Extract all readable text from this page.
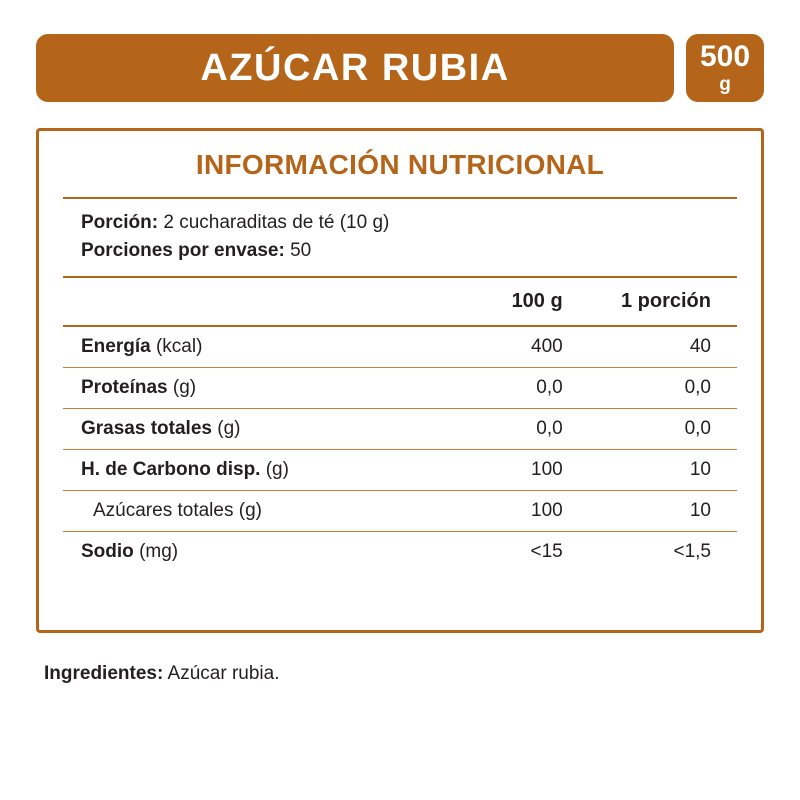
AZÚCAR RUBIA	500
g
INFORMACIÓN NUTRICIONAL
Porción: 2 cucharaditas de té (10 g)
Porciones por envase: 50
	100 g	1 porción
Energía (kcal)	400	40
Proteínas (g)	0,0	0,0
Grasas totales (g)	0,0	0,0
H. de Carbono disp. (g)	100	10
Azúcares totales (g)	100	10
Sodio (mg)	<15	<1,5
Ingredientes: Azúcar rubia.
